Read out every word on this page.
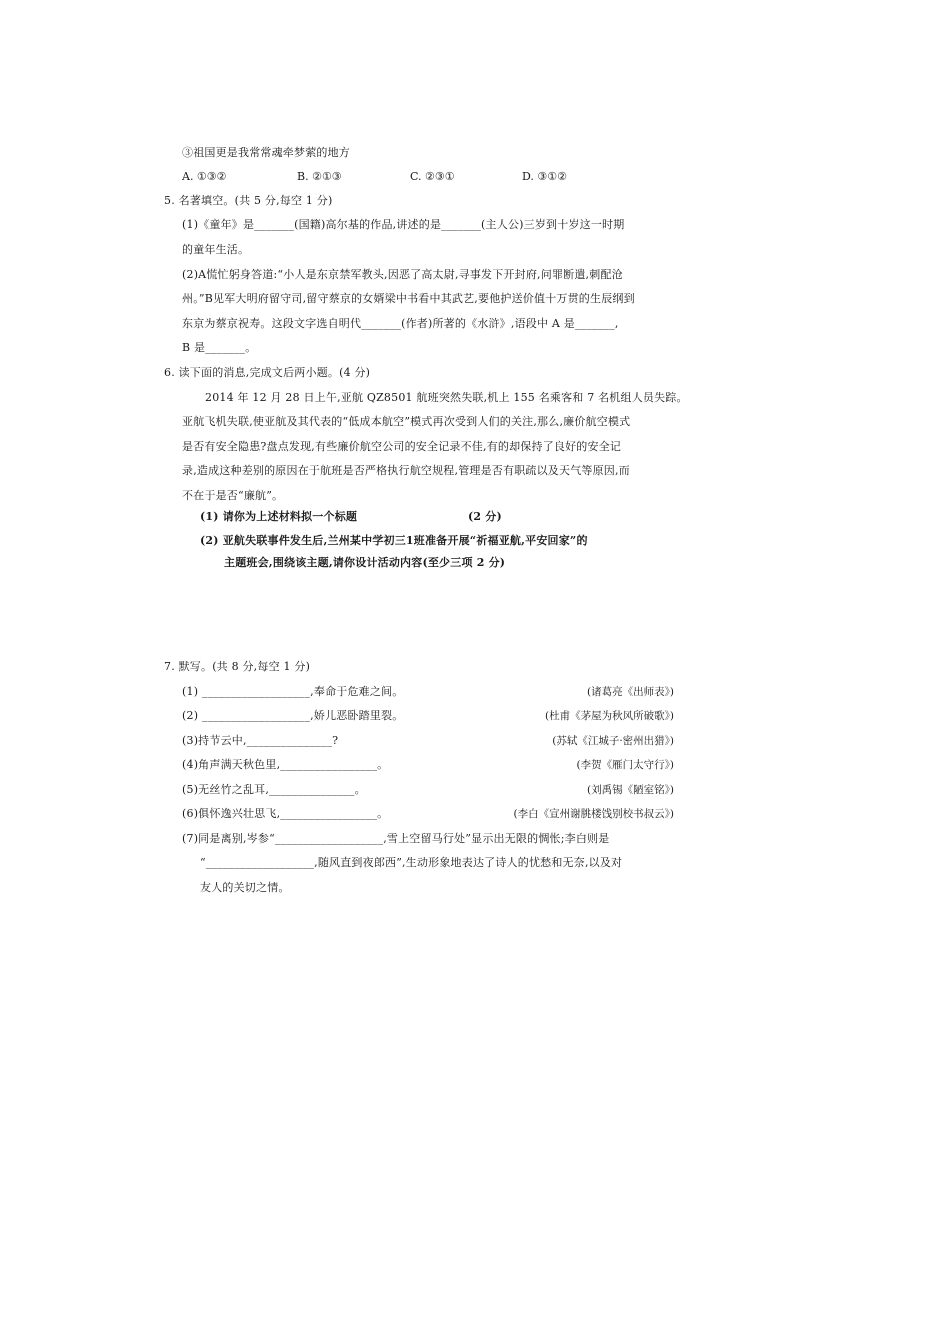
③祖国更是我常常魂牵梦萦的地方
A. ①③②	B. ②①③	C. ②③①	D. ③①②
5. 名著填空。(共 5 分,每空 1 分)
(1)《童年》是_______(国籍)高尔基的作品,讲述的是_______(主人公)三岁到十岁这一时期
的童年生活。
(2)A慌忙躬身答道:“小人是东京禁军教头,因恶了高太尉,寻事发下开封府,问罪断遣,刺配沧
州。”B见军大明府留守司,留守蔡京的女婿梁中书看中其武艺,要他护送价值十万贯的生辰纲到
东京为蔡京祝寿。这段文字选自明代_______(作者)所著的《水浒》,语段中 A 是_______,
B 是_______。
6. 读下面的消息,完成文后两小题。(4 分)
2014 年 12 月 28 日上午,亚航 QZ8501 航班突然失联,机上 155 名乘客和 7 名机组人员失踪。
亚航飞机失联,使亚航及其代表的“低成本航空”模式再次受到人们的关注,那么,廉价航空模式
是否有安全隐患?盘点发现,有些廉价航空公司的安全记录不佳,有的却保持了良好的安全记
录,造成这种差别的原因在于航班是否严格执行航空规程,管理是否有职疏以及天气等原因,而
不在于是否“廉航”。
(1) 请你为上述材料拟一个标题	(2 分)
(2) 亚航失联事件发生后,兰州某中学初三1班准备开展“祈福亚航,平安回家”的
主题班会,围绕该主题,请你设计活动内容(至少三项 2 分)
7. 默写。(共 8 分,每空 1 分)
(1) ___________________,奉命于危难之间。	(诸葛亮《出师表》)
(2) ___________________,娇儿恶卧踏里裂。	(杜甫《茅屋为秋风所破歌》)
(3)持节云中,_______________?	(苏轼《江城子·密州出猎》)
(4)角声满天秋色里,_________________。	(李贺《雁门太守行》)
(5)无丝竹之乱耳,_______________。	(刘禹锡《陋室铭》)
(6)俱怀逸兴壮思飞,_________________。	(李白《宣州谢朓楼饯别校书叔云》)
(7)同是离别,岑参“___________________,雪上空留马行处”显示出无限的惆怅;李白则是
“___________________,随风直到夜郎西”,生动形象地表达了诗人的忧愁和无奈,以及对
友人的关切之情。
